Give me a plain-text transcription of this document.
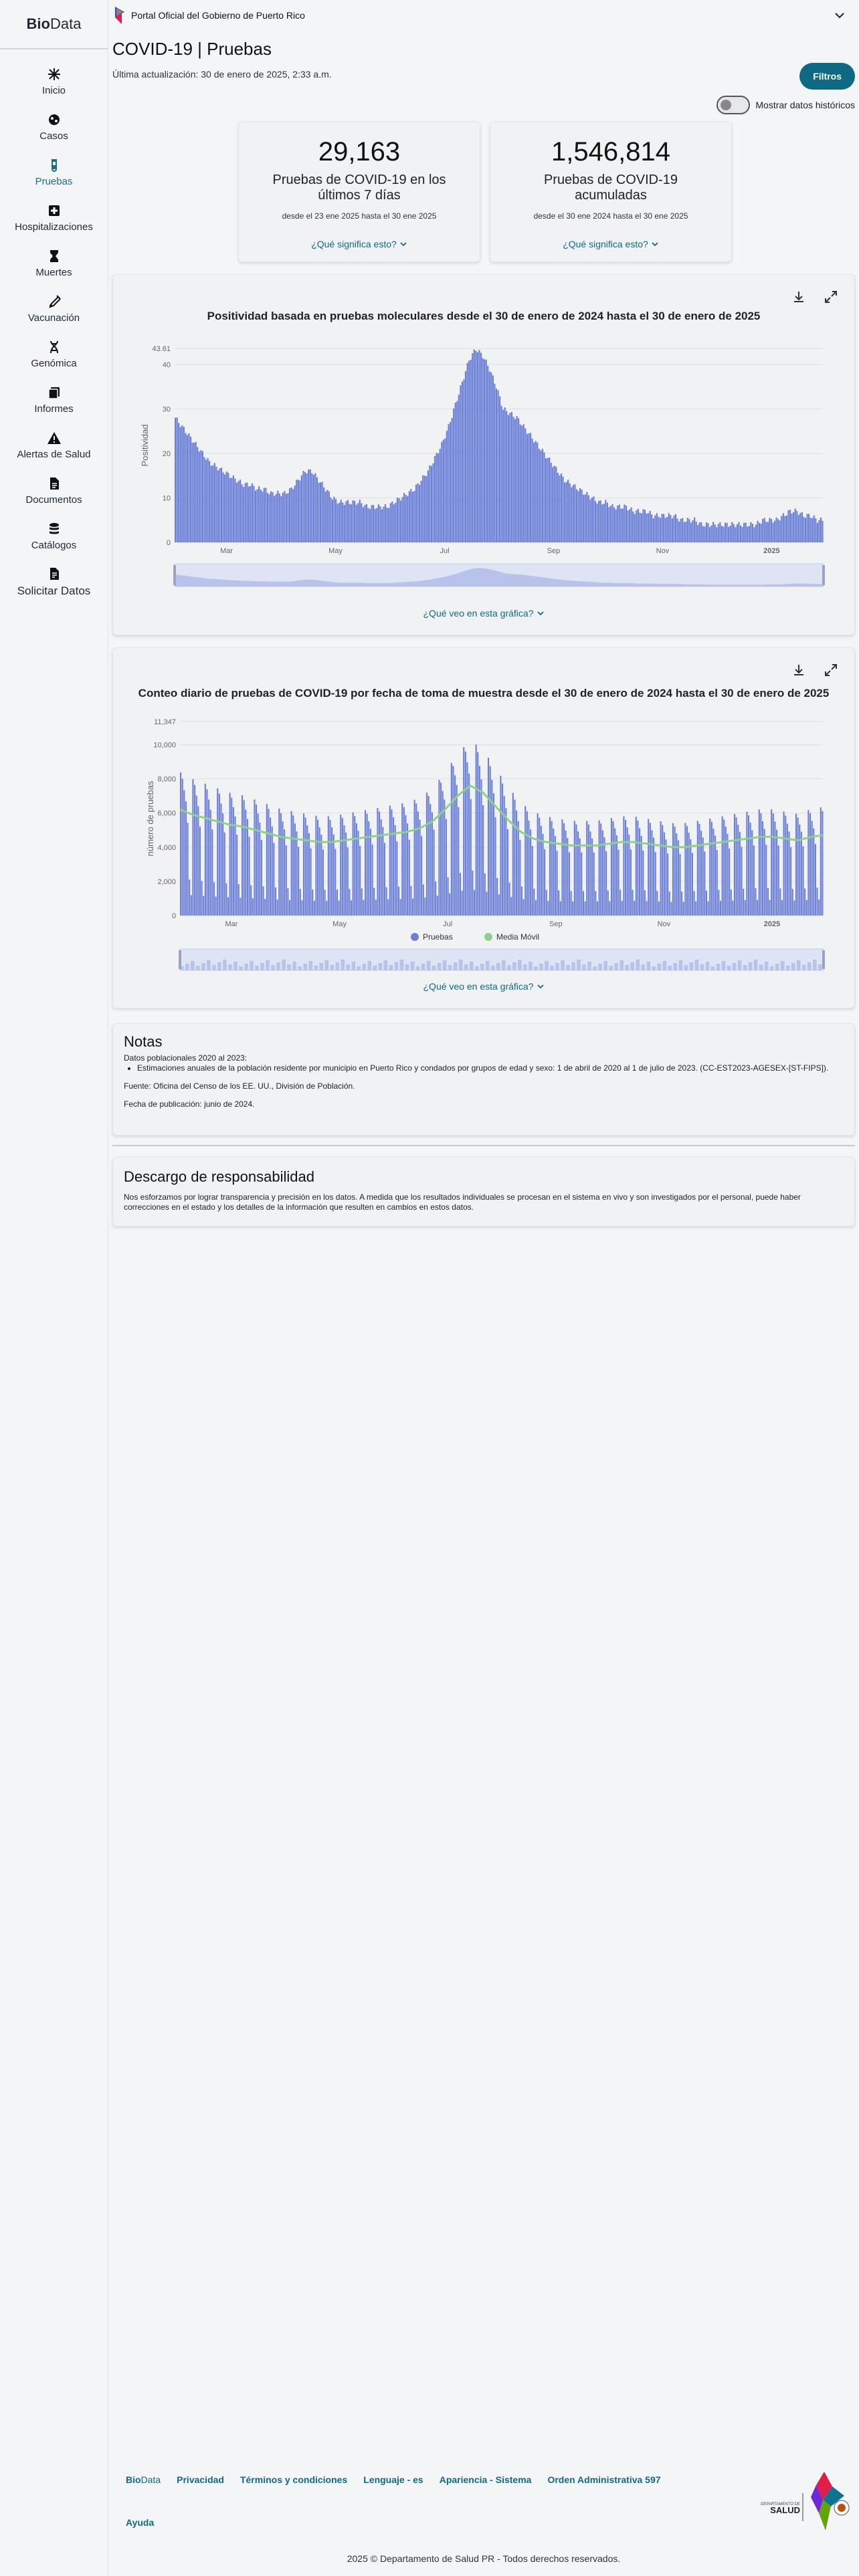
Bio Data
Inicio
Casos
Pruebas
Hospitalizaciones
Muertes
Vacunación
Genómica
Informes
Alertas de Salud
Documentos
Catálogos
Solicitar Datos
Portal Oficial del Gobierno de Puerto Rico
COVID-19 | Pruebas
Última actualización: 30 de enero de 2025, 2:33 a.m.	Filtros
Mostrar datos históricos
29,163
Pruebas de COVID-19 en los últimos 7 días
desde el 23 ene 2025 hasta el 30 ene 2025
¿Qué significa esto?
1,546,814
Pruebas de COVID-19 acumuladas
desde el 30 ene 2024 hasta el 30 ene 2025
¿Qué significa esto?
Positividad basada en pruebas moleculares desde el 30 de enero de 2024 hasta el 30 de enero de 2025
0
10
20
30
40
43.61
Mar	May	Jul	Sep	Nov	2025
Positividad
¿Qué veo en esta gráfica?
Conteo diario de pruebas de COVID-19 por fecha de toma de muestra desde el 30 de enero de 2024 hasta el 30 de enero de 2025
0
2,000
4,000
6,000
8,000
10,000
11,347
Mar	May	Jul	Sep	Nov	2025
número de pruebas
Pruebas	Media Móvil
¿Qué veo en esta gráfica?
Notas

Datos poblacionales 2020 al 2023:

• Estimaciones anuales de la población residente por municipio en Puerto Rico y condados por grupos de edad y sexo: 1 de abril de 2020 al 1 de julio de 2023. (CC-EST2023-AGESEX-[ST-FIPS]).

Fuente: Oficina del Censo de los EE. UU., División de Población.

Fecha de publicación: junio de 2024.

Descargo de responsabilidad

Nos esforzamos por lograr transparencia y precisión en los datos. A medida que los resultados individuales se procesan en el sistema en vivo y son investigados por el personal, puede haber correcciones en el estado y los detalles de la información que resulten en cambios en estos datos.

BioData Privacidad Términos y condiciones Lenguaje - es Apariencia - Sistema Orden Administrativa 597
Ayuda
DEPARTAMENTO DE
SALUD
2025 © Departamento de Salud PR - Todos derechos reservados.
